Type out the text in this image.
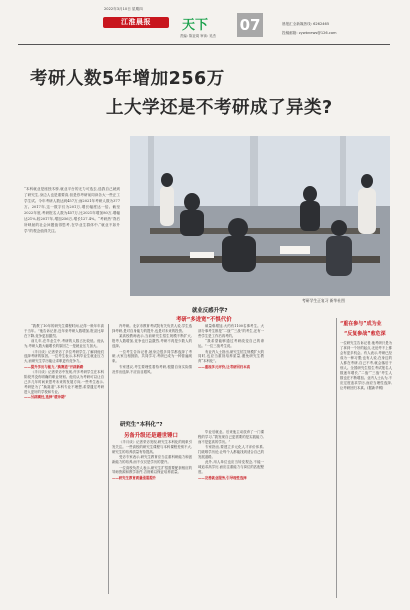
2022年3月10日 星期四
江淮晨报	天下
责编: 陈亚周 审读: 吴杰
07	晨报汇全新媒热线: 6262465
投稿邮箱: zywbnews@126.com
考研人数5年增加256万
上大学还是不考研成了异类?
“本科就业是座独木桥,就业平台的无力可选去,选我自己就到了研究生,身边人也是重要高,但是你考研前同读各大一些正工学生试。今年考研人数达到457万;而2021年考研人数为377万。2017年,这一数字仅为201万,增长幅度达一倍。截至2022年底,考研报名人数为457万,比2021年增加80万,增幅达21%,较2017年,增加256万,增长127.4%。“考研热”背后所映射的社会问题值得思考,在毕业生群体中,“就业不如升学”的观念值得关注。
考研学生正复习 新华社图
就业反感升学?
考研“多进宽”不惧代价

“我教了10年的研究生课程时间,记得一般年年高于当年。”他告诉记者,近年来考研人数增加,报录比却在下降,竞争更加激烈。

前几年,在毕业生中,考研的人数占比较低。他认为,考研人数大幅增长的原因之一是就业压力加大。

《半月谈》记者采访了多位考研学生,了解到他们选择考研的原因。一位考生表示,本科毕业生就业压力大,而研究生学历能让求职更有竞争力。

——提升学历与能力,“换赛道”开辟新路

《半月谈》记者采访中发现,许多考研学生在本科阶段并没有明确的职业规划。他们认为考研可以让自己多几年时间来思考未来的发展方向,一些考生表示,考研是为了“换赛道”,本科专业不理想,希望通过考研进入更好的学校和专业。

——另辟蹊径,选择“缓冲期”

内考研。北京市教育考试院有关负责人说,学生选择考研,是对自身能力的提升,也是对未来的投资。

某高校教师表示,当前研究生招生规模不断扩大,报考人数增加,竞争也日益激烈,考研不再是少数人的选择。

一位考生告诉记者,她身边很多同学都选择了考研,大家互相鼓励、共同学习,考研已成为一种普遍现象。

专家建议,考生要理性看待考研,根据自身实际情况作出选择,不应盲目跟风。

研究生“本科化”?
另备升级还是避世锤口

《半月谈》记者采访发现,研究生本科化的现象引发关注。一些高校的研究生课程与本科课程差别不大,研究生的培养质量有待提高。

受访专家表示,研究生教育应当注重科研能力和创新能力的培养,而不仅仅是学历的提升。

一位高校负责人表示,研究生扩招需要配套相应的导师资源和教学条件,否则难以保证培养质量。

——研究生教育质量亟需提升

硕量难增加,大约有1100名事考生。大部分事考生都是“二战”“三战”的考生,还有一些学生是工作后再考的。

“我希望能够通过考研改变自己的命运。”一位三战考生说。

有业内人士指出,研究生招生规模扩大的同时,也应当重视培养质量,避免研究生教育“本科化”。

——重视多元评价,让考研回归本真

毕业后就业。后来他主动放弃了一门课程的学习,“我发现自己更需要的是实践能力,而不是更高的学历。”

专家指出,要建立多元化人才评价体系,打破唯学历论,让每个人都能找到适合自己的发展道路。

此外,用人单位也应当转变观念,不能一味追求高学历,而应注重能力与岗位的匹配程度。

——完善就业服务,引导理性选择

“重在参与”成为业
“反复参战”愈危深
一位研究生告诉记者,他考研只是为了拿到一个好的起点,无论考不上都会有更多机会。有人表示,考研已经成为一种习惯;也有人说,在身边的人都在考研,自己不考,就会落后于别人。全国研究生招生考试报名人数逐年增长,“二战”“三战”考生人数也在不断增加。业内人士认为,不应过度追求学历,而应当理性选择,让考研回归本真。(据新华网)
